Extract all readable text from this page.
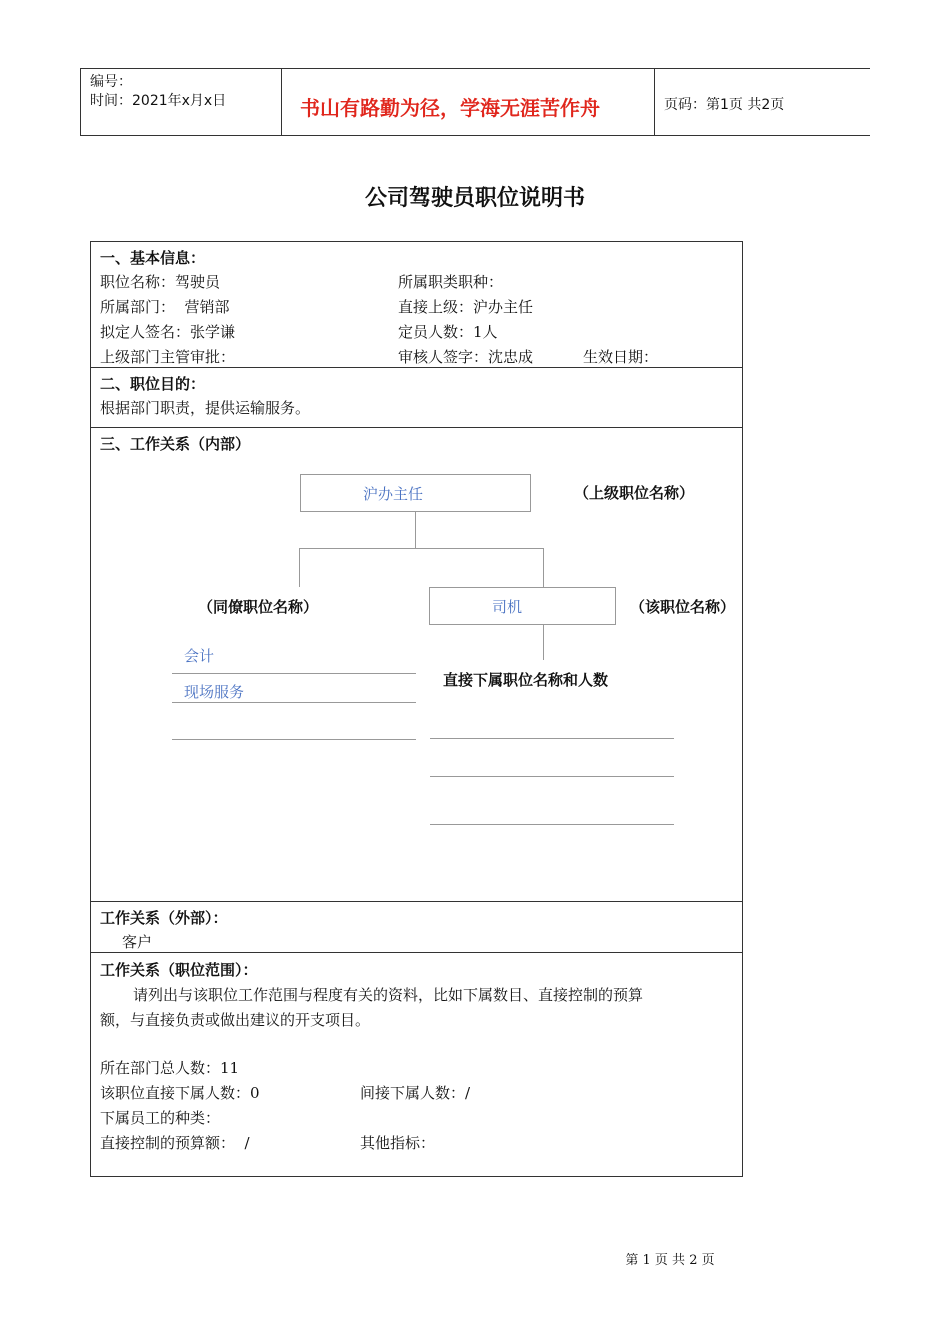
编号：
时间：2021年x月x日	书山有路勤为径，学海无涯苦作舟	页码：第1页 共2页
公司驾驶员职位说明书
一、基本信息：
职位名称：驾驶员	所属职类职种：
所属部门：  营销部	直接上级：沪办主任
拟定人签名：张学谦	定员人数：1人
上级部门主管审批：	审核人签字：沈忠成	生效日期：
二、职位目的：
根据部门职责，提供运输服务。
三、工作关系（内部）
沪办主任	（上级职位名称）
（同僚职位名称）	司机	（该职位名称）
会计
现场服务
直接下属职位名称和人数
工作关系（外部）：
客户
工作关系（职位范围）：
请列出与该职位工作范围与程度有关的资料，比如下属数目、直接控制的预算
额，与直接负责或做出建议的开支项目。
所在部门总人数：11
该职位直接下属人数：0	间接下属人数：/
下属员工的种类：
直接控制的预算额：  /	其他指标：
第 1 页 共 2 页
